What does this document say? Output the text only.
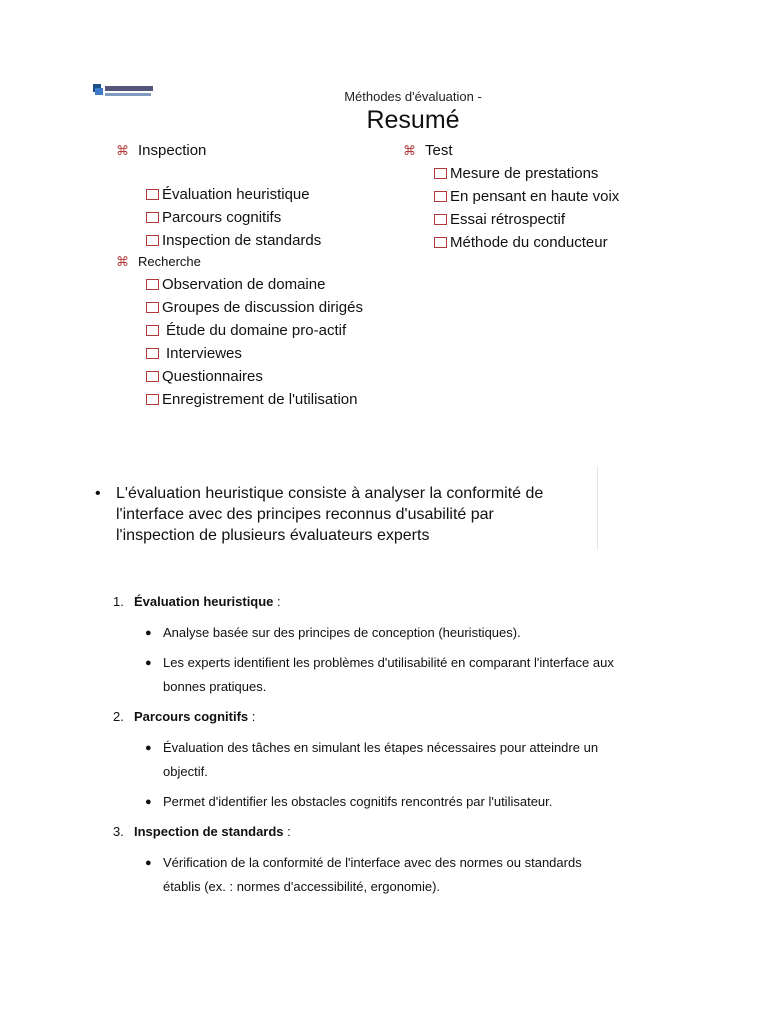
Méthodes d'évaluation -
Resumé
⌘ Inspection
Évaluation heuristique
Parcours cognitifs
Inspection de standards
⌘ Recherche
Observation de domaine
Groupes de discussion dirigés
Étude du domaine pro-actif
Interviewes
Questionnaires
Enregistrement de l'utilisation
⌘ Test
Mesure de prestations
En pensant en haute voix
Essai rétrospectif
Méthode du conducteur
• L'évaluation heuristique consiste à analyser la conformité de l'interface avec des principes reconnus d'usabilité par l'inspection de plusieurs évaluateurs experts
1. Évaluation heuristique :
● Analyse basée sur des principes de conception (heuristiques).
● Les experts identifient les problèmes d'utilisabilité en comparant l'interface aux bonnes pratiques.
2. Parcours cognitifs :
● Évaluation des tâches en simulant les étapes nécessaires pour atteindre un objectif.
● Permet d'identifier les obstacles cognitifs rencontrés par l'utilisateur.
3. Inspection de standards :
● Vérification de la conformité de l'interface avec des normes ou standards établis (ex. : normes d'accessibilité, ergonomie).
